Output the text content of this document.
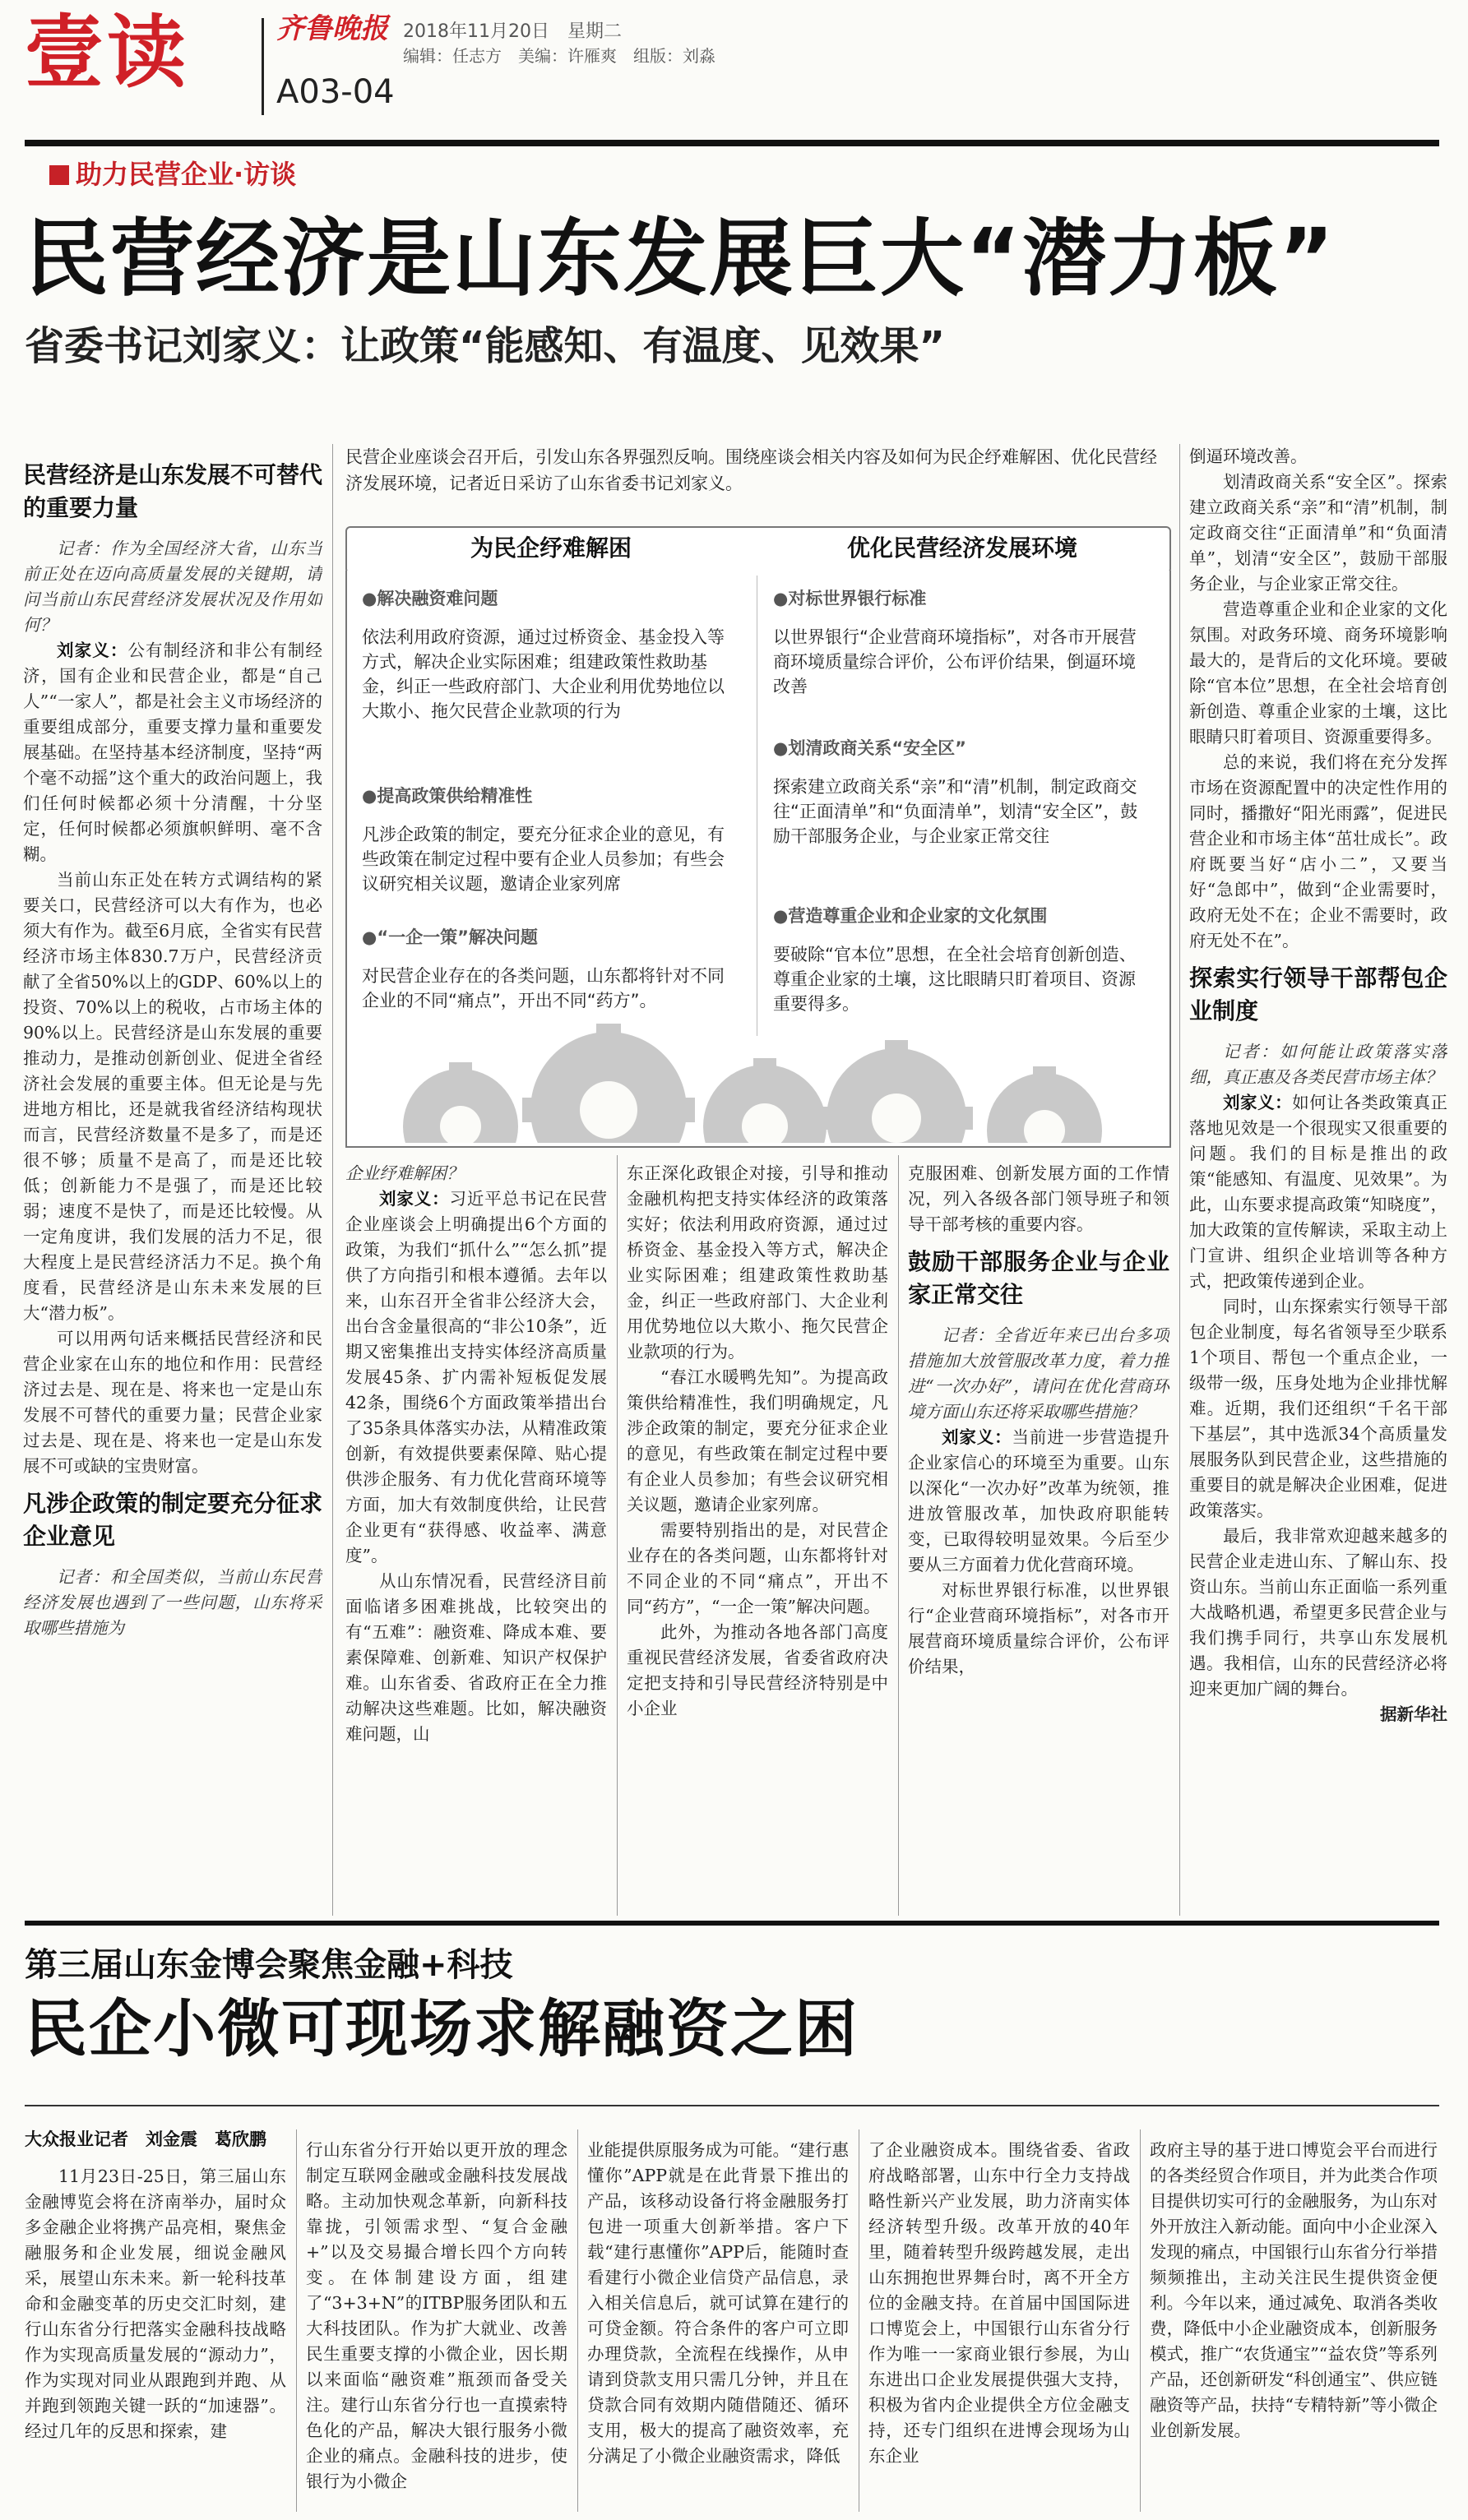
壹读	齐鲁晚报 2018年11月20日　星期二
编辑：任志方　美编：许雁爽　组版：刘淼
A03-04
助力民营企业·访谈
民营经济是山东发展巨大“潜力板”
省委书记刘家义：让政策“能感知、有温度、见效果”
民营经济是山东发展不可替代的重要力量

记者：作为全国经济大省，山东当前正处在迈向高质量发展的关键期，请问当前山东民营经济发展状况及作用如何？

刘家义：公有制经济和非公有制经济，国有企业和民营企业，都是“自己人”“一家人”，都是社会主义市场经济的重要组成部分，重要支撑力量和重要发展基础。在坚持基本经济制度，坚持“两个毫不动摇”这个重大的政治问题上，我们任何时候都必须十分清醒，十分坚定，任何时候都必须旗帜鲜明、毫不含糊。

当前山东正处在转方式调结构的紧要关口，民营经济可以大有作为，也必须大有作为。截至6月底，全省实有民营经济市场主体830.7万户，民营经济贡献了全省50%以上的GDP、60%以上的投资、70%以上的税收，占市场主体的90%以上。民营经济是山东发展的重要推动力，是推动创新创业、促进全省经济社会发展的重要主体。但无论是与先进地方相比，还是就我省经济结构现状而言，民营经济数量不是多了，而是还很不够；质量不是高了，而是还比较低；创新能力不是强了，而是还比较弱；速度不是快了，而是还比较慢。从一定角度讲，我们发展的活力不足，很大程度上是民营经济活力不足。换个角度看，民营经济是山东未来发展的巨大“潜力板”。

可以用两句话来概括民营经济和民营企业家在山东的地位和作用：民营经济过去是、现在是、将来也一定是山东发展不可替代的重要力量；民营企业家过去是、现在是、将来也一定是山东发展不可或缺的宝贵财富。

凡涉企政策的制定要充分征求企业意见

记者：和全国类似，当前山东民营经济发展也遇到了一些问题，山东将采取哪些措施为

民营企业座谈会召开后，引发山东各界强烈反响。围绕座谈会相关内容及如何为民企纾难解困、优化民营经济发展环境，记者近日采访了山东省委书记刘家义。
为民企纾难解困	优化民营经济发展环境
●解决融资难问题
依法利用政府资源，通过过桥资金、基金投入等方式，解决企业实际困难；组建政策性救助基金，纠正一些政府部门、大企业利用优势地位以大欺小、拖欠民营企业款项的行为
●提高政策供给精准性
凡涉企政策的制定，要充分征求企业的意见，有些政策在制定过程中要有企业人员参加；有些会议研究相关议题，邀请企业家列席
●“一企一策”解决问题
对民营企业存在的各类问题，山东都将针对不同企业的不同“痛点”，开出不同“药方”。
●对标世界银行标准
以世界银行“企业营商环境指标”，对各市开展营商环境质量综合评价，公布评价结果，倒逼环境改善
●划清政商关系“安全区”
探索建立政商关系“亲”和“清”机制，制定政商交往“正面清单”和“负面清单”，划清“安全区”，鼓励干部服务企业，与企业家正常交往
●营造尊重企业和企业家的文化氛围
要破除“官本位”思想，在全社会培育创新创造、尊重企业家的土壤，这比眼睛只盯着项目、资源重要得多。

企业纾难解困？

刘家义：习近平总书记在民营企业座谈会上明确提出6个方面的政策，为我们“抓什么”“怎么抓”提供了方向指引和根本遵循。去年以来，山东召开全省非公经济大会，出台含金量很高的“非公10条”，近期又密集推出支持实体经济高质量发展45条、扩内需补短板促发展42条，围绕6个方面政策举措出台了35条具体落实办法，从精准政策创新，有效提供要素保障、贴心提供涉企服务、有力优化营商环境等方面，加大有效制度供给，让民营企业更有“获得感、收益率、满意度”。

从山东情况看，民营经济目前面临诸多困难挑战，比较突出的有“五难”：融资难、降成本难、要素保障难、创新难、知识产权保护难。山东省委、省政府正在全力推动解决这些难题。比如，解决融资难问题，山

东正深化政银企对接，引导和推动金融机构把支持实体经济的政策落实好；依法利用政府资源，通过过桥资金、基金投入等方式，解决企业实际困难；组建政策性救助基金，纠正一些政府部门、大企业利用优势地位以大欺小、拖欠民营企业款项的行为。

“春江水暖鸭先知”。为提高政策供给精准性，我们明确规定，凡涉企政策的制定，要充分征求企业的意见，有些政策在制定过程中要有企业人员参加；有些会议研究相关议题，邀请企业家列席。

需要特别指出的是，对民营企业存在的各类问题，山东都将针对不同企业的不同“痛点”，开出不同“药方”，“一企一策”解决问题。

此外，为推动各地各部门高度重视民营经济发展，省委省政府决定把支持和引导民营经济特别是中小企业

克服困难、创新发展方面的工作情况，列入各级各部门领导班子和领导干部考核的重要内容。

鼓励干部服务企业与企业家正常交往

记者：全省近年来已出台多项措施加大放管服改革力度，着力推进“一次办好”，请问在优化营商环境方面山东还将采取哪些措施？

刘家义：当前进一步营造提升企业家信心的环境至为重要。山东以深化“一次办好”改革为统领，推进放管服改革，加快政府职能转变，已取得较明显效果。今后至少要从三方面着力优化营商环境。

对标世界银行标准，以世界银行“企业营商环境指标”，对各市开展营商环境质量综合评价，公布评价结果，

倒逼环境改善。

划清政商关系“安全区”。探索建立政商关系“亲”和“清”机制，制定政商交往“正面清单”和“负面清单”，划清“安全区”，鼓励干部服务企业，与企业家正常交往。

营造尊重企业和企业家的文化氛围。对政务环境、商务环境影响最大的，是背后的文化环境。要破除“官本位”思想，在全社会培育创新创造、尊重企业家的土壤，这比眼睛只盯着项目、资源重要得多。

总的来说，我们将在充分发挥市场在资源配置中的决定性作用的同时，播撒好“阳光雨露”，促进民营企业和市场主体“茁壮成长”。政府既要当好“店小二”，又要当好“急郎中”，做到“企业需要时，政府无处不在；企业不需要时，政府无处不在”。

探索实行领导干部帮包企业制度

记者：如何能让政策落实落细，真正惠及各类民营市场主体？

刘家义：如何让各类政策真正落地见效是一个很现实又很重要的问题。我们的目标是推出的政策“能感知、有温度、见效果”。为此，山东要求提高政策“知晓度”，加大政策的宣传解读，采取主动上门宣讲、组织企业培训等各种方式，把政策传递到企业。

同时，山东探索实行领导干部包企业制度，每名省领导至少联系1个项目、帮包一个重点企业，一级带一级，压身处地为企业排忧解难。近期，我们还组织“千名干部下基层”，其中选派34个高质量发展服务队到民营企业，这些措施的重要目的就是解决企业困难，促进政策落实。

最后，我非常欢迎越来越多的民营企业走进山东、了解山东、投资山东。当前山东正面临一系列重大战略机遇，希望更多民营企业与我们携手同行，共享山东发展机遇。我相信，山东的民营经济必将迎来更加广阔的舞台。

据新华社

第三届山东金博会聚焦金融+科技
民企小微可现场求解融资之困
大众报业记者　刘金震　葛欣鹏

11月23日-25日，第三届山东金融博览会将在济南举办，届时众多金融企业将携产品亮相，聚焦金融服务和企业发展，细说金融风采，展望山东未来。新一轮科技革命和金融变革的历史交汇时刻，建行山东省分行把落实金融科技战略作为实现高质量发展的“源动力”，作为实现对同业从跟跑到并跑、从并跑到领跑关键一跃的“加速器”。经过几年的反思和探索，建

行山东省分行开始以更开放的理念制定互联网金融或金融科技发展战略。主动加快观念革新，向新科技靠拢，引领需求型、“复合金融+”以及交易撮合增长四个方向转变。在体制建设方面，组建了“3+3+N”的ITBP服务团队和五大科技团队。作为扩大就业、改善民生重要支撑的小微企业，因长期以来面临“融资难”瓶颈而备受关注。建行山东省分行也一直摸索特色化的产品，解决大银行服务小微企业的痛点。金融科技的进步，使银行为小微企

业能提供原服务成为可能。“建行惠懂你”APP就是在此背景下推出的产品，该移动设备行将金融服务打包进一项重大创新举措。客户下载“建行惠懂你”APP后，能随时查看建行小微企业信贷产品信息，录入相关信息后，就可试算在建行的可贷金额。符合条件的客户可立即办理贷款，全流程在线操作，从申请到贷款支用只需几分钟，并且在贷款合同有效期内随借随还、循环支用，极大的提高了融资效率，充分满足了小微企业融资需求，降低

了企业融资成本。围绕省委、省政府战略部署，山东中行全力支持战略性新兴产业发展，助力济南实体经济转型升级。改革开放的40年里，随着转型升级跨越发展，走出山东拥抱世界舞台时，离不开全方位的金融支持。在首届中国国际进口博览会上，中国银行山东省分行作为唯一一家商业银行参展，为山东进出口企业发展提供强大支持，积极为省内企业提供全方位金融支持，还专门组织在进博会现场为山东企业

政府主导的基于进口博览会平台而进行的各类经贸合作项目，并为此类合作项目提供切实可行的金融服务，为山东对外开放注入新动能。面向中小企业深入发现的痛点，中国银行山东省分行举措频频推出，主动关注民生提供资金便利。今年以来，通过减免、取消各类收费，降低中小企业融资成本，创新服务模式，推广“农货通宝”“益农贷”等系列产品，还创新研发“科创通宝”、供应链融资等产品，扶持“专精特新”等小微企业创新发展。
